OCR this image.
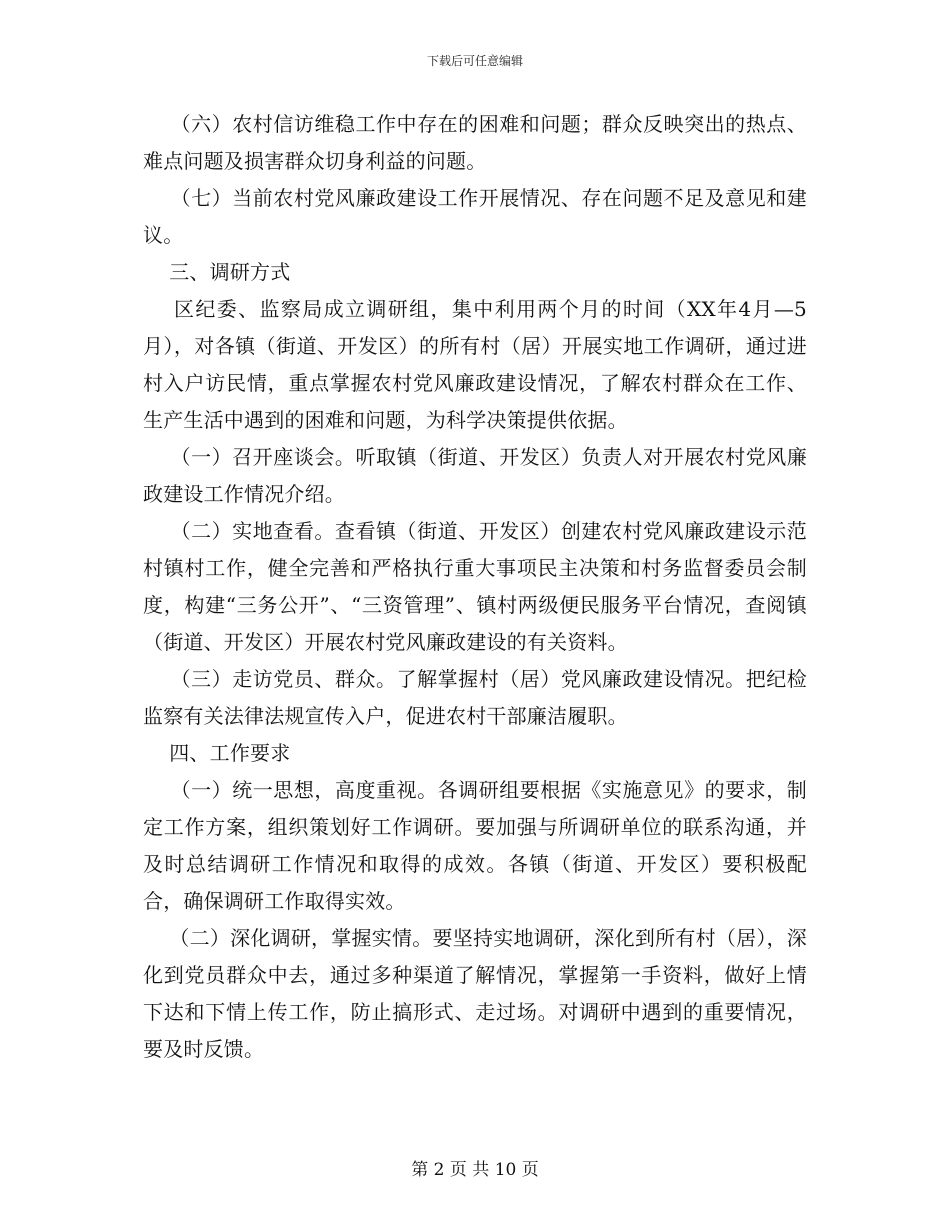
下载后可任意编辑

（六）农村信访维稳工作中存在的困难和问题；群众反映突出的热点、难点问题及损害群众切身利益的问题。

（七）当前农村党风廉政建设工作开展情况、存在问题不足及意见和建议。

三、调研方式

区纪委、监察局成立调研组，集中利用两个月的时间（XX年4月—5月），对各镇（街道、开发区）的所有村（居）开展实地工作调研，通过进村入户访民情，重点掌握农村党风廉政建设情况，了解农村群众在工作、生产生活中遇到的困难和问题，为科学决策提供依据。

（一）召开座谈会。听取镇（街道、开发区）负责人对开展农村党风廉政建设工作情况介绍。

（二）实地查看。查看镇（街道、开发区）创建农村党风廉政建设示范村镇村工作，健全完善和严格执行重大事项民主决策和村务监督委员会制度，构建“三务公开”、“三资管理”、镇村两级便民服务平台情况，查阅镇（街道、开发区）开展农村党风廉政建设的有关资料。

（三）走访党员、群众。了解掌握村（居）党风廉政建设情况。把纪检监察有关法律法规宣传入户，促进农村干部廉洁履职。

四、工作要求

（一）统一思想，高度重视。各调研组要根据《实施意见》的要求，制定工作方案，组织策划好工作调研。要加强与所调研单位的联系沟通，并及时总结调研工作情况和取得的成效。各镇（街道、开发区）要积极配合，确保调研工作取得实效。

（二）深化调研，掌握实情。要坚持实地调研，深化到所有村（居），深化到党员群众中去，通过多种渠道了解情况，掌握第一手资料，做好上情下达和下情上传工作，防止搞形式、走过场。对调研中遇到的重要情况，要及时反馈。

第 2 页 共 10 页
